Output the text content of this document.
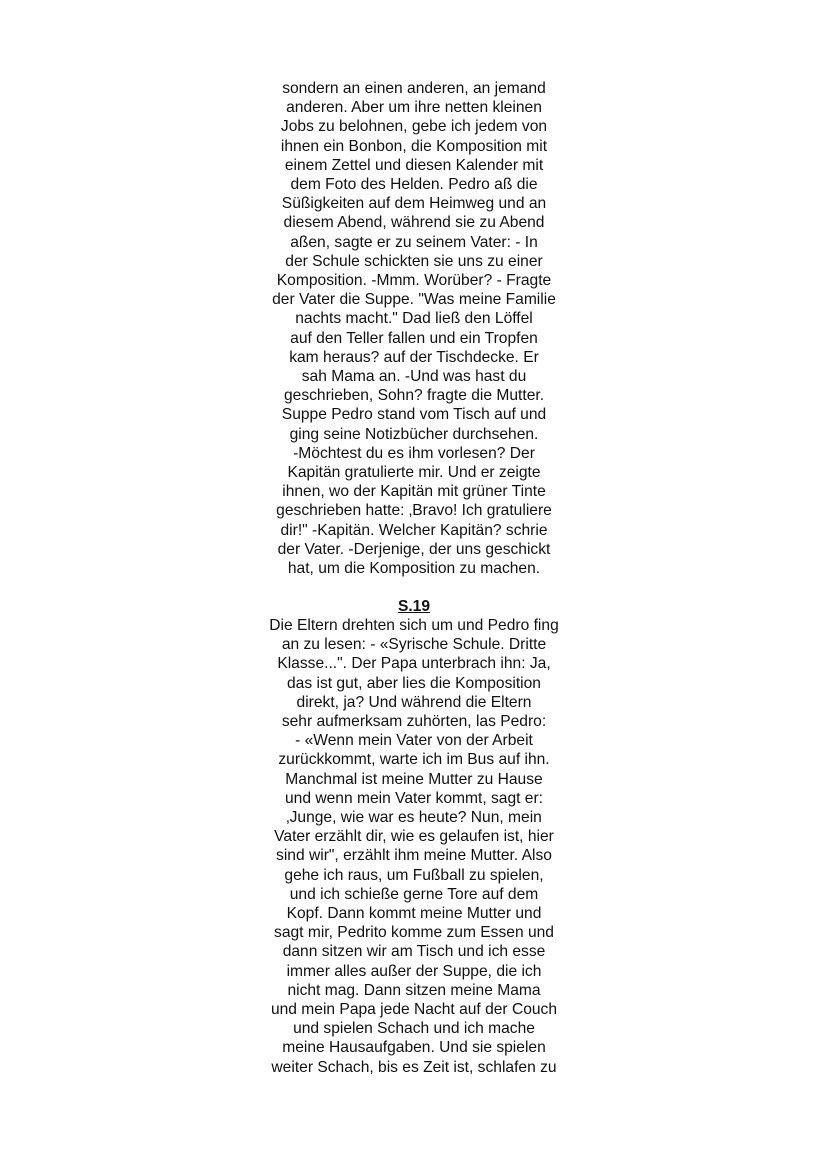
sondern an einen anderen, an jemand
anderen. Aber um ihre netten kleinen
Jobs zu belohnen, gebe ich jedem von
ihnen ein Bonbon, die Komposition mit
einem Zettel und diesen Kalender mit
dem Foto des Helden. Pedro aß die
Süßigkeiten auf dem Heimweg und an
diesem Abend, während sie zu Abend
aßen, sagte er zu seinem Vater: - In
der Schule schickten sie uns zu einer
Komposition. -Mmm. Worüber? - Fragte
der Vater die Suppe. "Was meine Familie
nachts macht." Dad ließ den Löffel
auf den Teller fallen und ein Tropfen
kam heraus? auf der Tischdecke. Er
sah Mama an. -Und was hast du
geschrieben, Sohn? fragte die Mutter.
Suppe Pedro stand vom Tisch auf und
ging seine Notizbücher durchsehen.
-Möchtest du es ihm vorlesen? Der
Kapitän gratulierte mir. Und er zeigte
ihnen, wo der Kapitän mit grüner Tinte
geschrieben hatte: ‚Bravo! Ich gratuliere
dir!" -Kapitän. Welcher Kapitän? schrie
der Vater. -Derjenige, der uns geschickt
hat, um die Komposition zu machen.
S.19
Die Eltern drehten sich um und Pedro fing
an zu lesen: - «Syrische Schule. Dritte
Klasse...". Der Papa unterbrach ihn: Ja,
das ist gut, aber lies die Komposition
direkt, ja? Und während die Eltern
sehr aufmerksam zuhörten, las Pedro:
- «Wenn mein Vater von der Arbeit
zurückkommt, warte ich im Bus auf ihn.
Manchmal ist meine Mutter zu Hause
und wenn mein Vater kommt, sagt er:
‚Junge, wie war es heute? Nun, mein
Vater erzählt dir, wie es gelaufen ist, hier
sind wir", erzählt ihm meine Mutter. Also
gehe ich raus, um Fußball zu spielen,
und ich schieße gerne Tore auf dem
Kopf. Dann kommt meine Mutter und
sagt mir, Pedrito komme zum Essen und
dann sitzen wir am Tisch und ich esse
immer alles außer der Suppe, die ich
nicht mag. Dann sitzen meine Mama
und mein Papa jede Nacht auf der Couch
und spielen Schach und ich mache
meine Hausaufgaben. Und sie spielen
weiter Schach, bis es Zeit ist, schlafen zu
